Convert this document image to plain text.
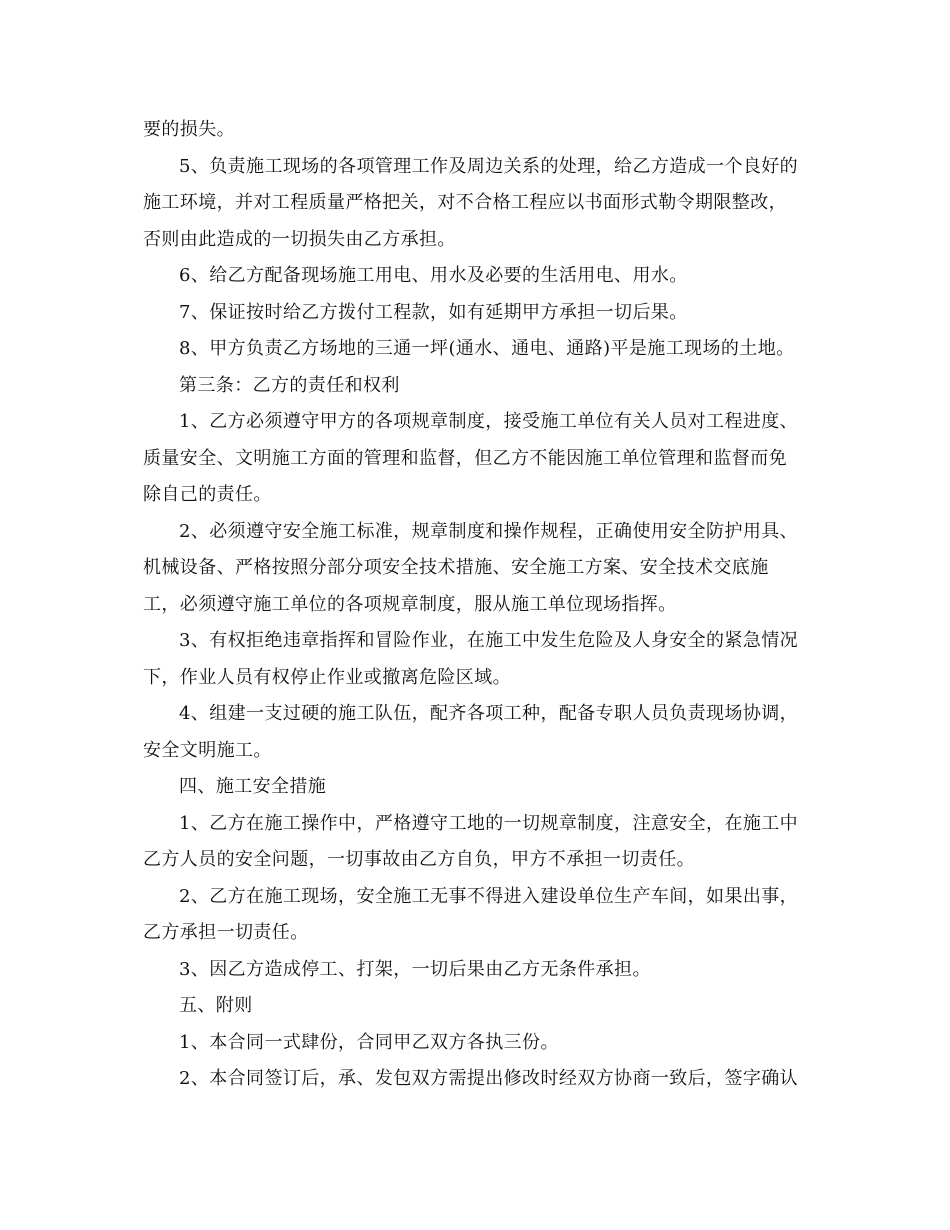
要的损失。

5、负责施工现场的各项管理工作及周边关系的处理，给乙方造成一个良好的
施工环境，并对工程质量严格把关，对不合格工程应以书面形式勒令期限整改，
否则由此造成的一切损失由乙方承担。

6、给乙方配备现场施工用电、用水及必要的生活用电、用水。

7、保证按时给乙方拨付工程款，如有延期甲方承担一切后果。

8、甲方负责乙方场地的三通一坪(通水、通电、通路)平是施工现场的土地。

第三条：乙方的责任和权利

1、乙方必须遵守甲方的各项规章制度，接受施工单位有关人员对工程进度、
质量安全、文明施工方面的管理和监督，但乙方不能因施工单位管理和监督而免
除自己的责任。

2、必须遵守安全施工标准，规章制度和操作规程，正确使用安全防护用具、
机械设备、严格按照分部分项安全技术措施、安全施工方案、安全技术交底施
工，必须遵守施工单位的各项规章制度，服从施工单位现场指挥。

3、有权拒绝违章指挥和冒险作业，在施工中发生危险及人身安全的紧急情况
下，作业人员有权停止作业或撤离危险区域。

4、组建一支过硬的施工队伍，配齐各项工种，配备专职人员负责现场协调，
安全文明施工。

四、施工安全措施

1、乙方在施工操作中，严格遵守工地的一切规章制度，注意安全，在施工中
乙方人员的安全问题，一切事故由乙方自负，甲方不承担一切责任。

2、乙方在施工现场，安全施工无事不得进入建设单位生产车间，如果出事，
乙方承担一切责任。

3、因乙方造成停工、打架，一切后果由乙方无条件承担。

五、附则

1、本合同一式肆份，合同甲乙双方各执三份。

2、本合同签订后，承、发包双方需提出修改时经双方协商一致后，签字确认
